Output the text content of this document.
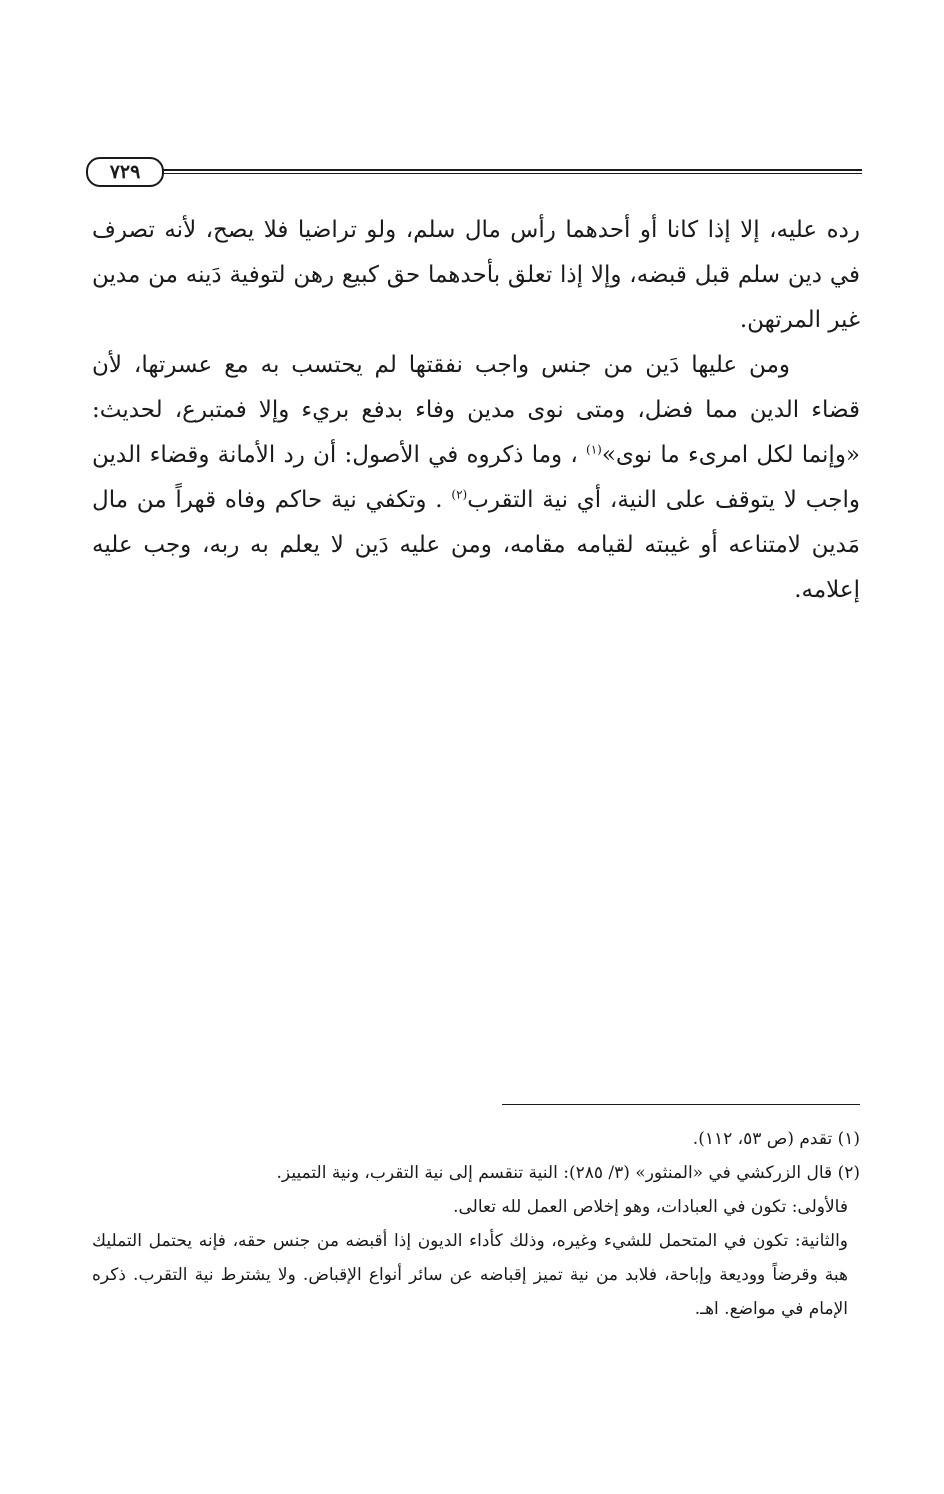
٧٢٩

رده عليه، إلا إذا كانا أو أحدهما رأس مال سلم، ولو تراضيا فلا يصح، لأنه تصرف في دين سلم قبل قبضه، وإلا إذا تعلق بأحدهما حق كبيع رهن لتوفية دَينه من مدين غير المرتهن.

ومن عليها دَين من جنس واجب نفقتها لم يحتسب به مع عسرتها، لأن قضاء الدين مما فضل، ومتى نوى مدين وفاء بدفع بريء وإلا فمتبرع، لحديث: «وإنما لكل امرىء ما نوى»$^{(١)}$ ، وما ذكروه في الأصول: أن رد الأمانة وقضاء الدين واجب لا يتوقف على النية، أي نية التقرب$^{(٢)}$ . وتكفي نية حاكم وفاه قهراً من مال مَدين لامتناعه أو غيبته لقيامه مقامه، ومن عليه دَين لا يعلم به ربه، وجب عليه إعلامه.

(١) تقدم (ص ٥٣، ١١٢).

(٢) قال الزركشي في «المنثور» (٣/ ٢٨٥): النية تنقسم إلى نية التقرب، ونية التمييز.

فالأولى: تكون في العبادات، وهو إخلاص العمل لله تعالى.

والثانية: تكون في المتحمل للشيء وغيره، وذلك كأداء الديون إذا أقبضه من جنس حقه، فإنه يحتمل التمليك هبة وقرضاً ووديعة وإباحة، فلابد من نية تميز إقباضه عن سائر أنواع الإقباض. ولا يشترط نية التقرب. ذكره الإمام في مواضع. اهـ.
